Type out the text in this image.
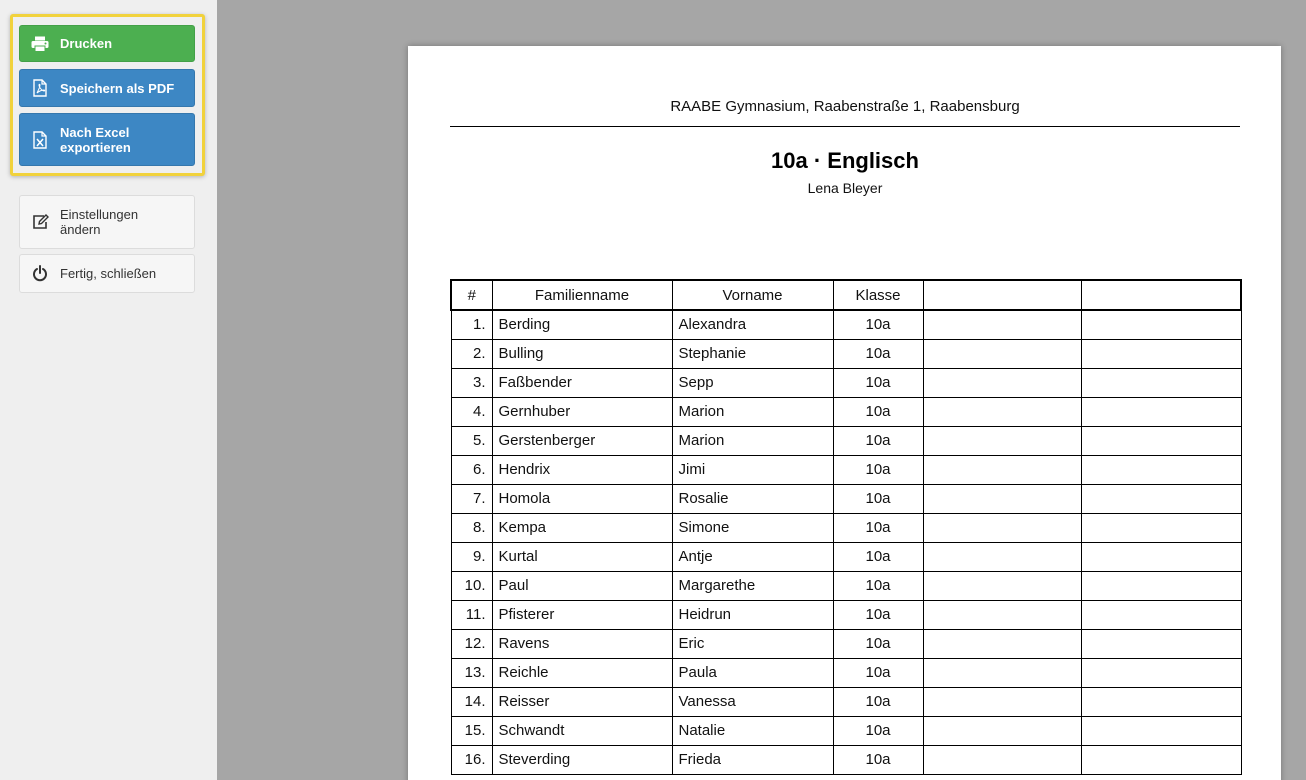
Drucken
Speichern als PDF
Nach Excel
exportieren
Einstellungen
ändern
Fertig, schließen
RAABE Gymnasium, Raabenstraße 1, Raabensburg
10a · Englisch
Lena Bleyer
#	Familienname	Vorname	Klasse		
1.	Berding	Alexandra	10a		
2.	Bulling	Stephanie	10a		
3.	Faßbender	Sepp	10a		
4.	Gernhuber	Marion	10a		
5.	Gerstenberger	Marion	10a		
6.	Hendrix	Jimi	10a		
7.	Homola	Rosalie	10a		
8.	Kempa	Simone	10a		
9.	Kurtal	Antje	10a		
10.	Paul	Margarethe	10a		
11.	Pfisterer	Heidrun	10a		
12.	Ravens	Eric	10a		
13.	Reichle	Paula	10a		
14.	Reisser	Vanessa	10a		
15.	Schwandt	Natalie	10a		
16.	Steverding	Frieda	10a		
